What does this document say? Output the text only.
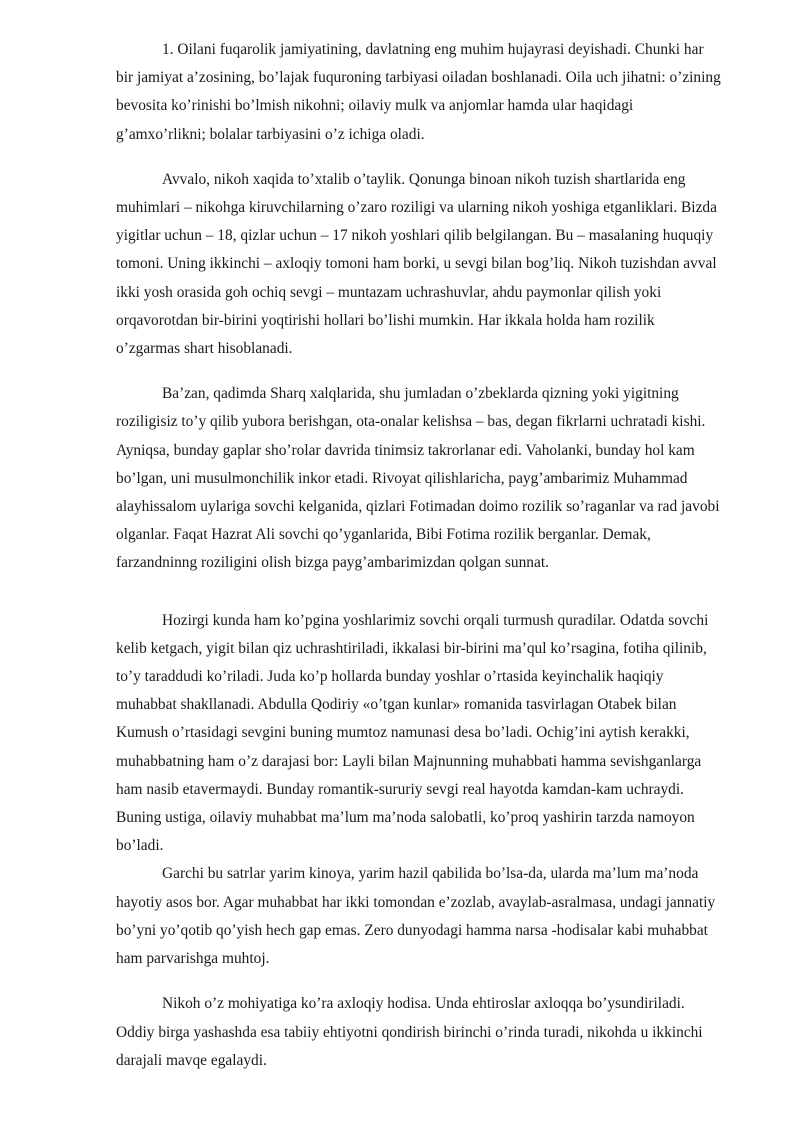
1. Oilani fuqarolik jamiyatining, davlatning eng muhim hujayrasi deyishadi. Chunki har bir jamiyat a’zosining, bo’lajak fuquroning tarbiyasi oiladan boshlanadi. Oila uch jihatni: o’zining bevosita ko’rinishi bo’lmish nikohni; oilaviy mulk va anjomlar hamda ular haqidagi g’amxo’rlikni; bolalar tarbiyasini o’z ichiga oladi.

Avvalo, nikoh xaqida to’xtalib o’taylik. Qonunga binoan nikoh tuzish shartlarida eng muhimlari – nikohga kiruvchilarning o’zaro roziligi va ularning nikoh yoshiga etganliklari. Bizda yigitlar uchun – 18, qizlar uchun – 17 nikoh yoshlari qilib belgilangan. Bu – masalaning huquqiy tomoni. Uning ikkinchi – axloqiy tomoni ham borki, u sevgi bilan bog’liq. Nikoh tuzishdan avval ikki yosh orasida goh ochiq sevgi – muntazam uchrashuvlar, ahdu paymonlar qilish yoki orqavorotdan bir-birini yoqtirishi hollari bo’lishi mumkin. Har ikkala holda ham rozilik o’zgarmas shart hisoblanadi.

Ba’zan, qadimda Sharq xalqlarida, shu jumladan o’zbeklarda qizning yoki yigitning roziligisiz to’y qilib yubora berishgan, ota-onalar kelishsa – bas, degan fikrlarni uchratadi kishi. Ayniqsa, bunday gaplar sho’rolar davrida tinimsiz takrorlanar edi. Vaholanki, bunday hol kam bo’lgan, uni musulmonchilik inkor etadi. Rivoyat qilishlaricha, payg’ambarimiz Muhammad alayhissalom uylariga sovchi kelganida, qizlari Fotimadan doimo rozilik so’raganlar va rad javobi olganlar. Faqat Hazrat Ali sovchi qo’yganlarida, Bibi Fotima rozilik berganlar. Demak, farzandninng roziligini olish bizga payg’ambarimizdan qolgan sunnat.

Hozirgi kunda ham ko’pgina yoshlarimiz sovchi orqali turmush quradilar. Odatda sovchi kelib ketgach, yigit bilan qiz uchrashtiriladi, ikkalasi bir-birini ma’qul ko’rsagina, fotiha qilinib, to’y taraddudi ko’riladi. Juda ko’p hollarda bunday yoshlar o’rtasida keyinchalik haqiqiy muhabbat shakllanadi. Abdulla Qodiriy «o’tgan kunlar» romanida tasvirlagan Otabek bilan Kumush o’rtasidagi sevgini buning mumtoz namunasi desa bo’ladi. Ochig’ini aytish kerakki, muhabbatning ham o’z darajasi bor: Layli bilan Majnunning muhabbati hamma sevishganlarga ham nasib etavermaydi. Bunday romantik-sururiy sevgi real hayotda kamdan-kam uchraydi. Buning ustiga, oilaviy muhabbat ma’lum ma’noda salobatli, ko’proq yashirin tarzda namoyon bo’ladi.

Garchi bu satrlar yarim kinoya, yarim hazil qabilida bo’lsa-da, ularda ma’lum ma’noda hayotiy asos bor. Agar muhabbat har ikki tomondan e’zozlab, avaylab-asralmasa, undagi jannatiy bo’yni yo’qotib qo’yish hech gap emas. Zero dunyodagi hamma narsa -hodisalar kabi muhabbat ham parvarishga muhtoj.

Nikoh o’z mohiyatiga ko’ra axloqiy hodisa. Unda ehtiroslar axloqqa bo’ysundiriladi. Oddiy birga yashashda esa tabiiy ehtiyotni qondirish birinchi o’rinda turadi, nikohda u ikkinchi darajali mavqe egalaydi.
